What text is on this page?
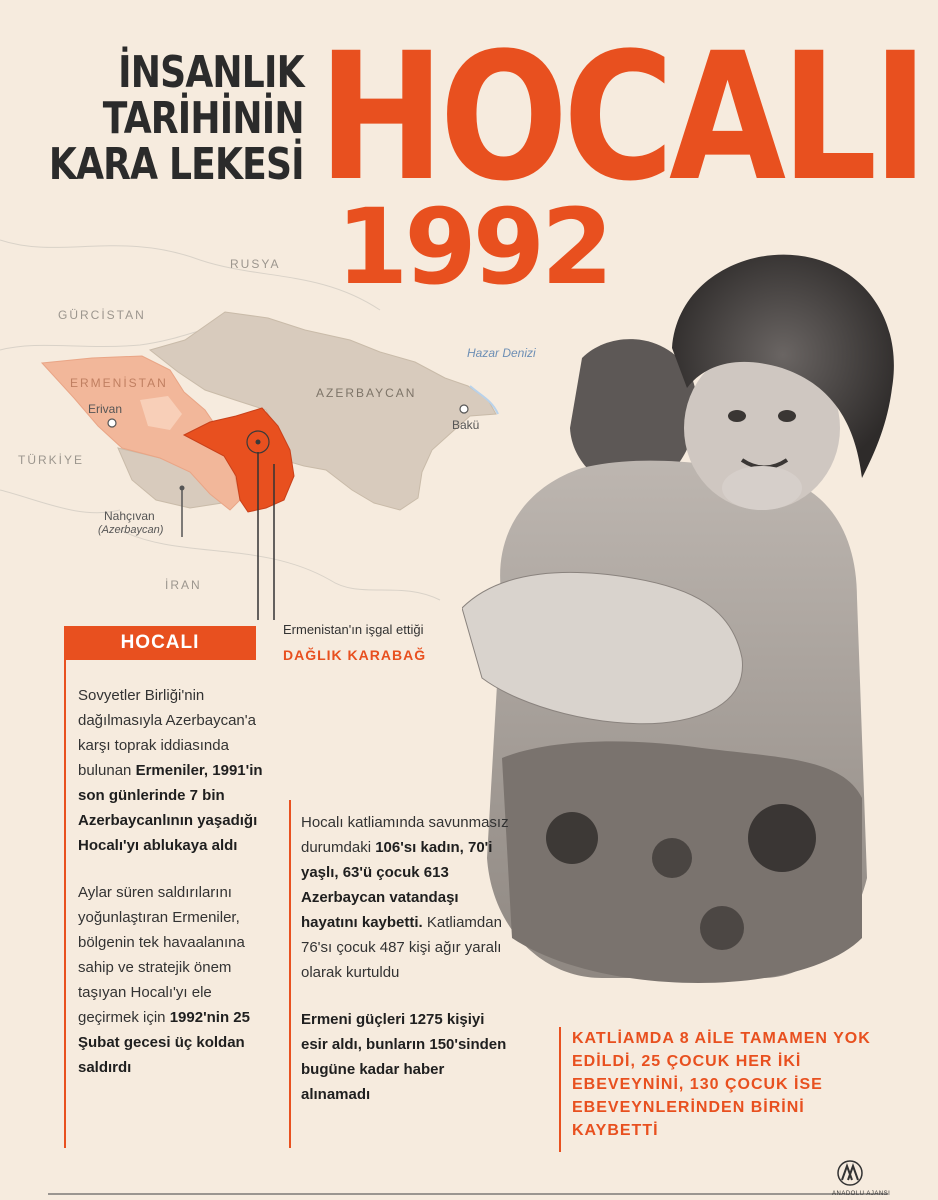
İNSANLIK
TARİHİNİN
KARA LEKESİ HOCALI
1992
RUSYA
GÜRCİSTAN
ERMENİSTAN
AZERBAYCAN
TÜRKİYE
İRAN
Hazar Denizi
Erivan
Bakü
Nahçıvan
(Azerbaycan)
Ermenistan'ın işgal ettiği
DAĞLIK KARABAĞ
HOCALI

Sovyetler Birliği'nin dağılmasıyla Azerbaycan'a karşı toprak iddiasında bulunan Ermeniler, 1991'in son günlerinde 7 bin Azerbaycanlının yaşadığı Hocalı'yı ablukaya aldı

Aylar süren saldırılarını yoğunlaştıran Ermeniler, bölgenin tek havaalanına sahip ve stratejik önem taşıyan Hocalı'yı ele geçirmek için 1992'nin 25 Şubat gecesi üç koldan saldırdı

Hocalı katliamında savunmasız durumdaki 106'sı kadın, 70'i yaşlı, 63'ü çocuk 613 Azerbaycan vatandaşı hayatını kaybetti. Katliamdan 76'sı çocuk 487 kişi ağır yaralı olarak kurtuldu

Ermeni güçleri 1275 kişiyi esir aldı, bunların 150'sinden bugüne kadar haber alınamadı

KATLİAMDA 8 AİLE TAMAMEN YOK EDİLDİ, 25 ÇOCUK HER İKİ EBEVEYNİNİ, 130 ÇOCUK İSE EBEVEYNLERİNDEN BİRİNİ KAYBETTİ
ANADOLU AJANSI
